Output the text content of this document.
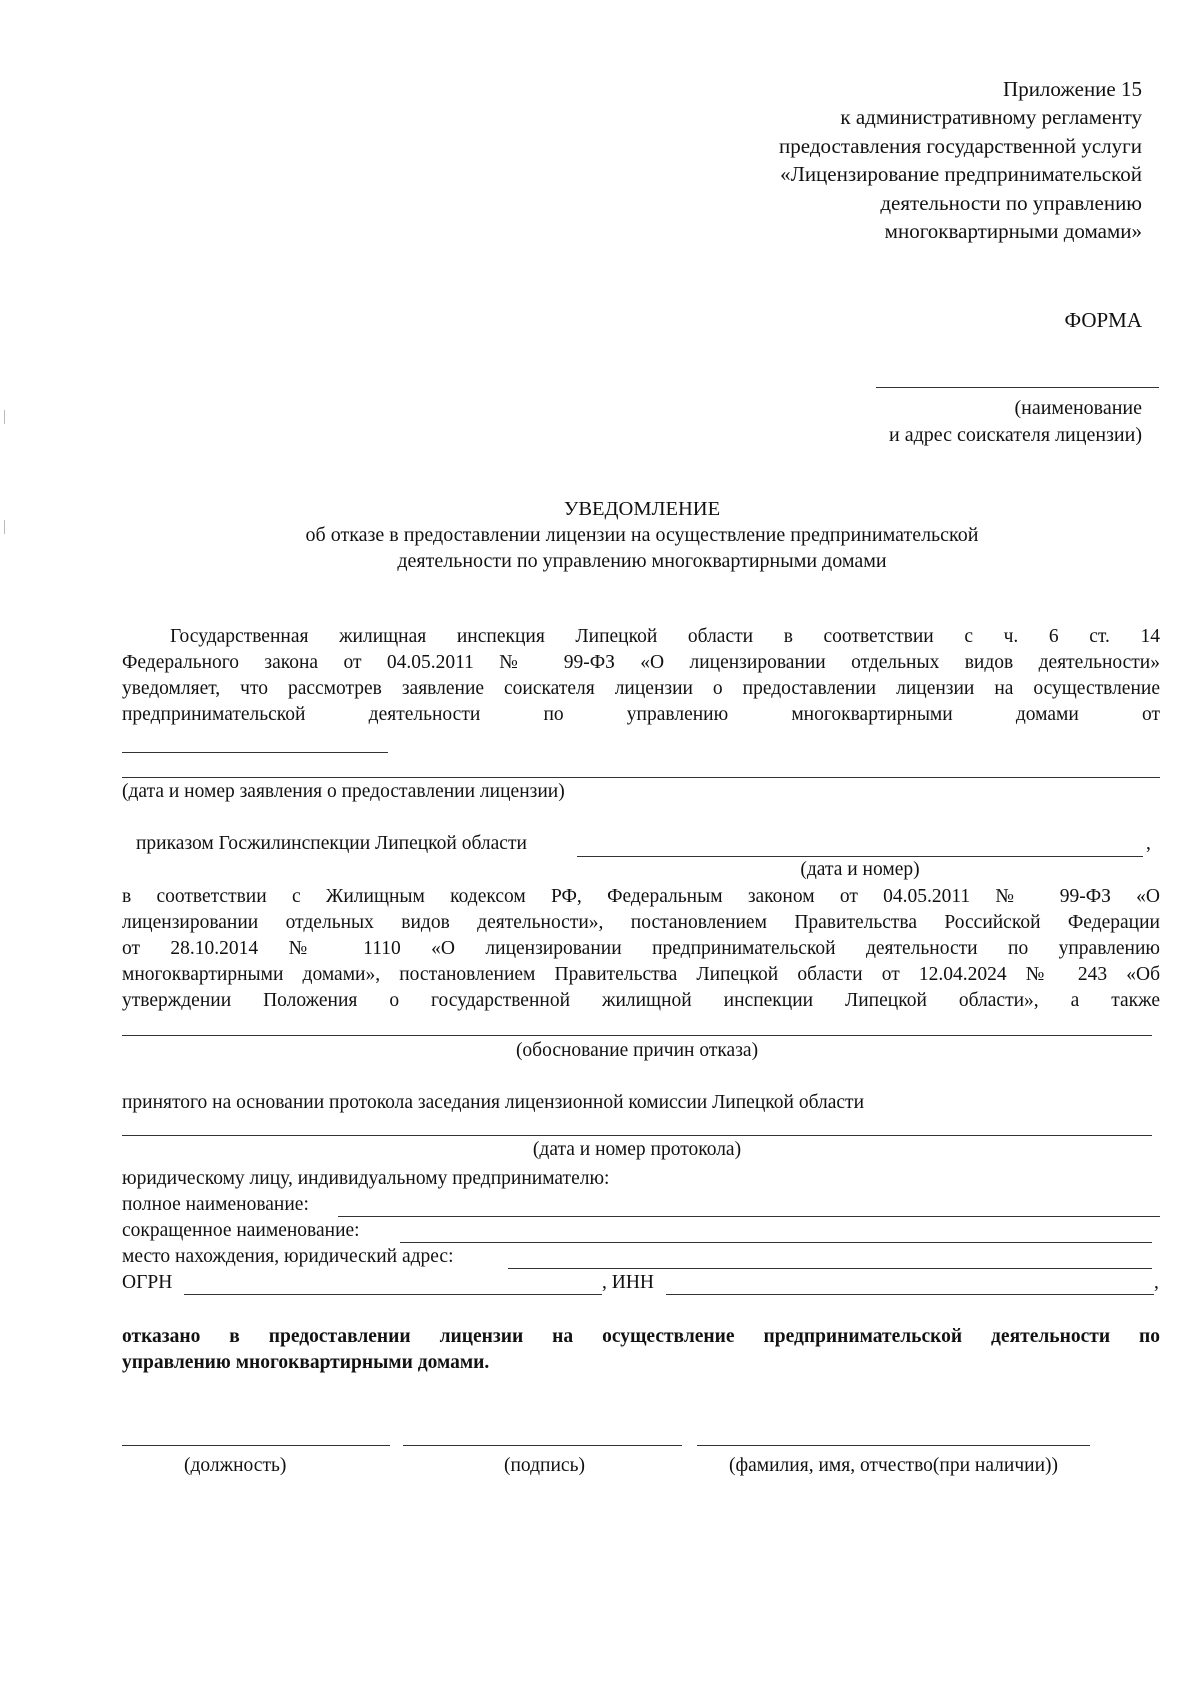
Приложение 15
к административному регламенту
предоставления государственной услуги
«Лицензирование предпринимательской
деятельности по управлению
многоквартирными домами»
ФОРМА
(наименование
и адрес соискателя лицензии)
УВЕДОМЛЕНИЕ
об отказе в предоставлении лицензии на осуществление предпринимательской
деятельности по управлению многоквартирными домами
Государственная жилищная инспекция Липецкой области в соответствии с ч. 6 ст. 14
Федерального закона от 04.05.2011 № 99-ФЗ «О лицензировании отдельных видов деятельности»
уведомляет, что рассмотрев заявление соискателя лицензии о предоставлении лицензии на осуществление
предпринимательской деятельности по управлению многоквартирными домами от
(дата и номер заявления о предоставлении лицензии)
приказом Госжилинспекции Липецкой области	,
(дата и номер)
в соответствии с Жилищным кодексом РФ, Федеральным законом от 04.05.2011 № 99-ФЗ «О
лицензировании отдельных видов деятельности», постановлением Правительства Российской Федерации
от 28.10.2014 № 1110 «О лицензировании предпринимательской деятельности по управлению
многоквартирными домами», постановлением Правительства Липецкой области от 12.04.2024 № 243 «Об
утверждении Положения о государственной жилищной инспекции Липецкой области», а также
(обоснование причин отказа)
принятого на основании протокола заседания лицензионной комиссии Липецкой области
(дата и номер протокола)
юридическому лицу, индивидуальному предпринимателю:
полное наименование:
сокращенное наименование:
место нахождения, юридический адрес:
ОГРН	, ИНН	,
отказано в предоставлении лицензии на осуществление предпринимательской деятельности по
управлению многоквартирными домами.
(должность)	(подпись)	(фамилия, имя, отчество(при наличии))
